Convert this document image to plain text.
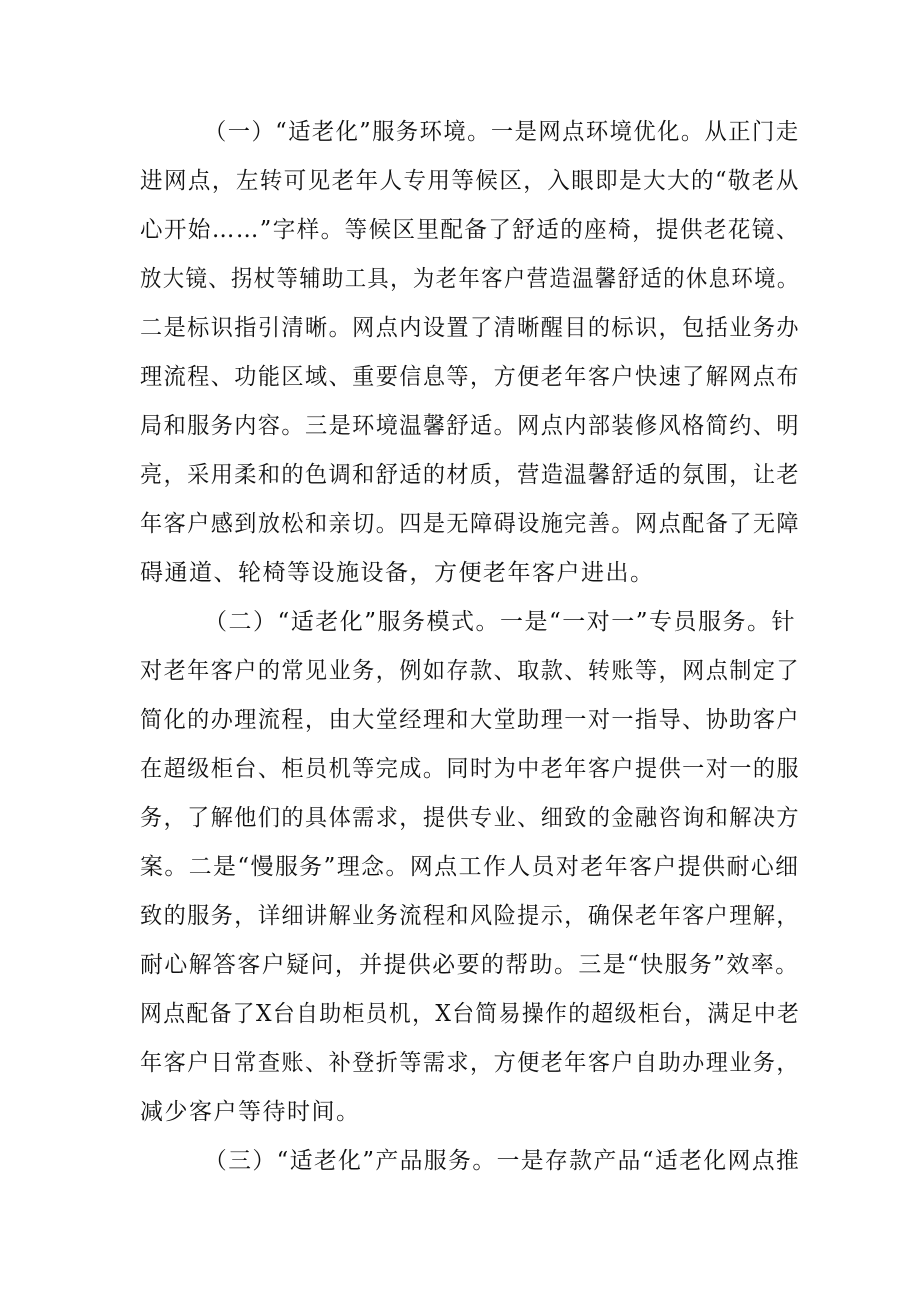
（一）“适老化”服务环境。一是网点环境优化。从正门走
进网点，左转可见老年人专用等候区，入眼即是大大的“敬老从
心开始……”字样。等候区里配备了舒适的座椅，提供老花镜、
放大镜、拐杖等辅助工具，为老年客户营造温馨舒适的休息环境。
二是标识指引清晰。网点内设置了清晰醒目的标识，包括业务办
理流程、功能区域、重要信息等，方便老年客户快速了解网点布
局和服务内容。三是环境温馨舒适。网点内部装修风格简约、明
亮，采用柔和的色调和舒适的材质，营造温馨舒适的氛围，让老
年客户感到放松和亲切。四是无障碍设施完善。网点配备了无障
碍通道、轮椅等设施设备，方便老年客户进出。
（二）“适老化”服务模式。一是“一对一”专员服务。针
对老年客户的常见业务，例如存款、取款、转账等，网点制定了
简化的办理流程，由大堂经理和大堂助理一对一指导、协助客户
在超级柜台、柜员机等完成。同时为中老年客户提供一对一的服
务，了解他们的具体需求，提供专业、细致的金融咨询和解决方
案。二是“慢服务”理念。网点工作人员对老年客户提供耐心细
致的服务，详细讲解业务流程和风险提示，确保老年客户理解，
耐心解答客户疑问，并提供必要的帮助。三是“快服务”效率。
网点配备了X台自助柜员机，X台简易操作的超级柜台，满足中老
年客户日常查账、补登折等需求，方便老年客户自助办理业务，
减少客户等待时间。
（三）“适老化”产品服务。一是存款产品“适老化网点推
